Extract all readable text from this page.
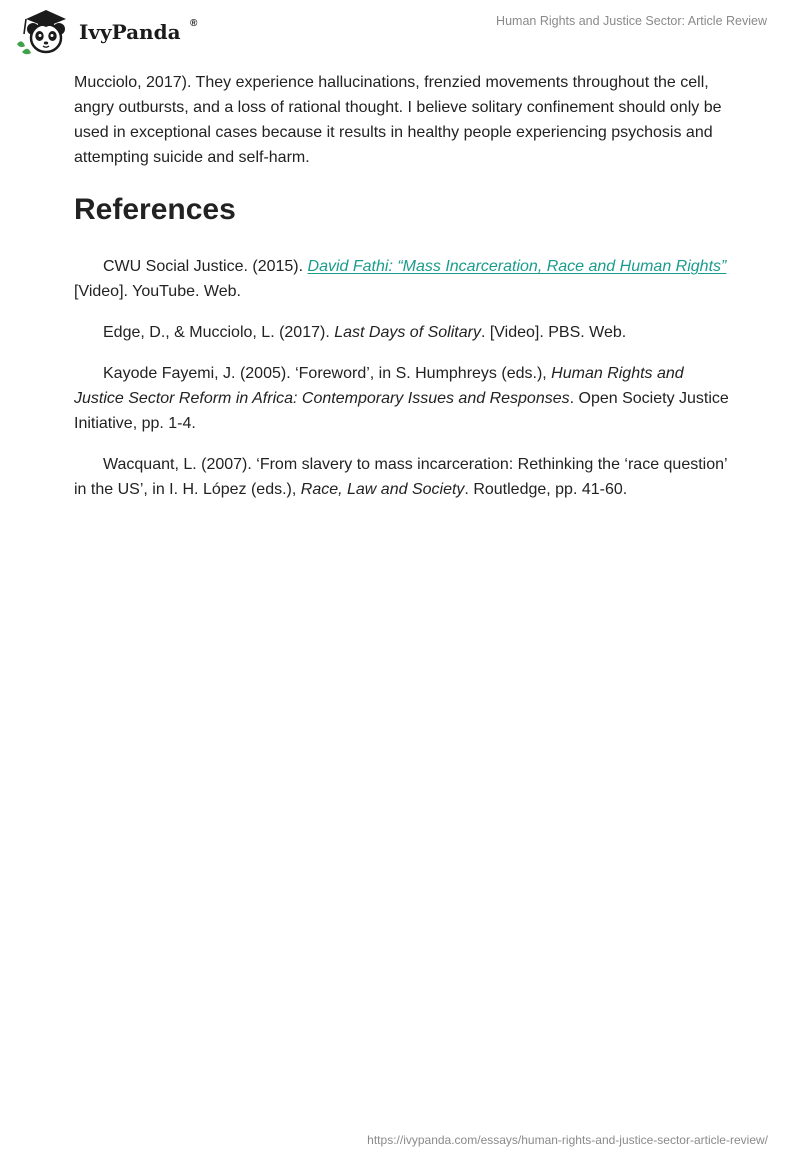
IvyPanda ®	Human Rights and Justice Sector: Article Review

Mucciolo, 2017). They experience hallucinations, frenzied movements throughout the cell, angry outbursts, and a loss of rational thought. I believe solitary confinement should only be used in exceptional cases because it results in healthy people experiencing psychosis and attempting suicide and self-harm.

References
CWU Social Justice. (2015). David Fathi: “Mass Incarceration, Race and Human Rights” [Video]. YouTube. Web.
Edge, D., & Mucciolo, L. (2017). Last Days of Solitary. [Video]. PBS. Web.
Kayode Fayemi, J. (2005). ‘Foreword’, in S. Humphreys (eds.), Human Rights and Justice Sector Reform in Africa: Contemporary Issues and Responses. Open Society Justice Initiative, pp. 1-4.
Wacquant, L. (2007). ‘From slavery to mass incarceration: Rethinking the ‘race question’ in the US’, in I. H. López (eds.), Race, Law and Society. Routledge, pp. 41-60.
https://ivypanda.com/essays/human-rights-and-justice-sector-article-review/
